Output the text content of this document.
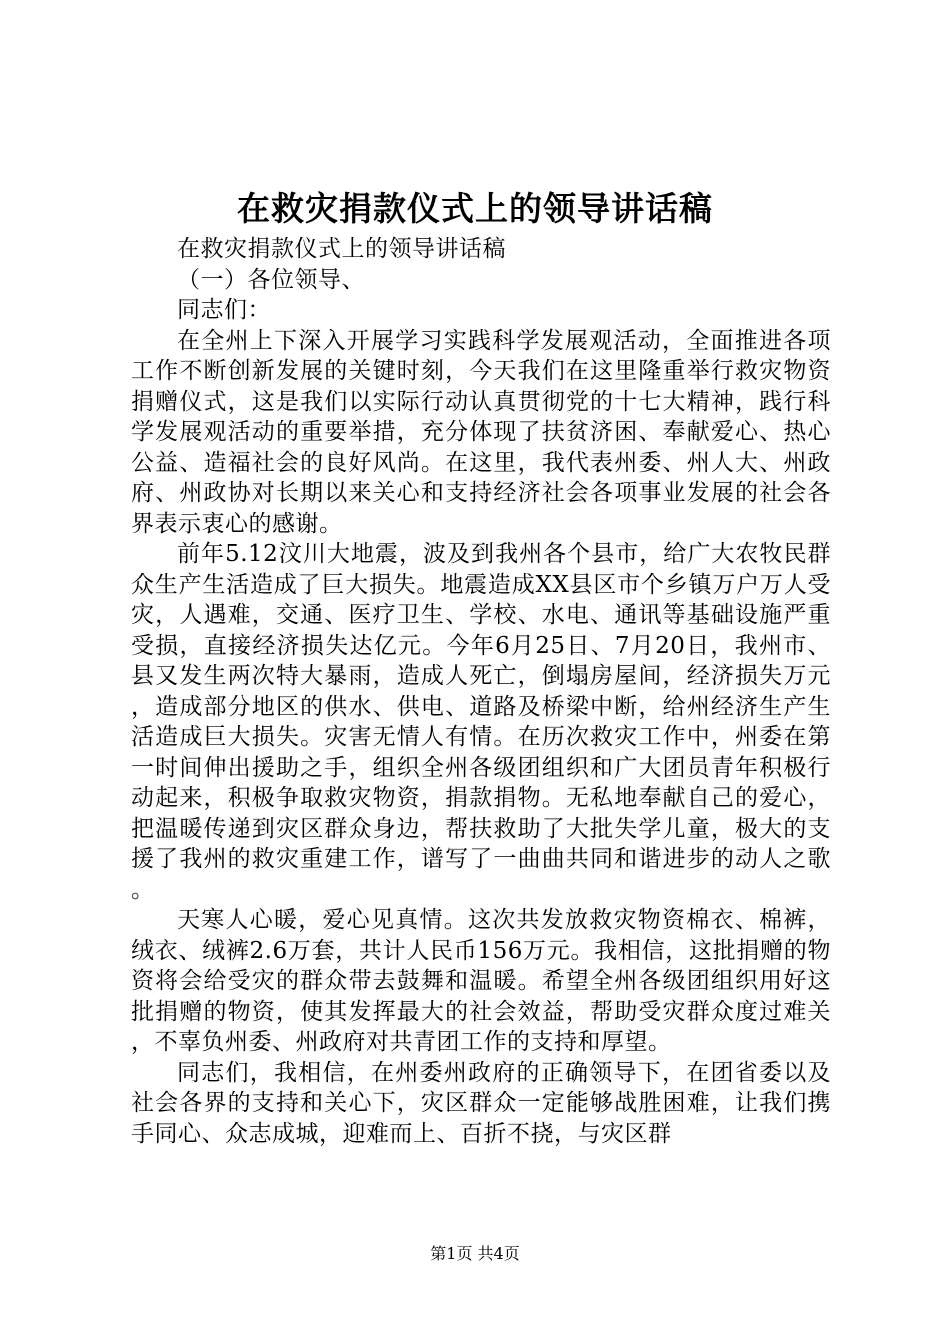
在救灾捐款仪式上的领导讲话稿

在救灾捐款仪式上的领导讲话稿

（一）各位领导、

同志们：

在全州上下深入开展学习实践科学发展观活动，全面推进各项工作不断创新发展的关键时刻，今天我们在这里隆重举行救灾物资捐赠仪式，这是我们以实际行动认真贯彻党的十七大精神，践行科学发展观活动的重要举措，充分体现了扶贫济困、奉献爱心、热心公益、造福社会的良好风尚。在这里，我代表州委、州人大、州政府、州政协对长期以来关心和支持经济社会各项事业发展的社会各界表示衷心的感谢。

前年5.12汶川大地震，波及到我州各个县市，给广大农牧民群众生产生活造成了巨大损失。地震造成XX县区市个乡镇万户万人受灾，人遇难，交通、医疗卫生、学校、水电、通讯等基础设施严重受损，直接经济损失达亿元。今年6月25日、7月20日，我州市、县又发生两次特大暴雨，造成人死亡，倒塌房屋间，经济损失万元，造成部分地区的供水、供电、道路及桥梁中断，给州经济生产生活造成巨大损失。灾害无情人有情。在历次救灾工作中，州委在第一时间伸出援助之手，组织全州各级团组织和广大团员青年积极行动起来，积极争取救灾物资，捐款捐物。无私地奉献自己的爱心，把温暖传递到灾区群众身边，帮扶救助了大批失学儿童，极大的支援了我州的救灾重建工作，谱写了一曲曲共同和谐进步的动人之歌。

天寒人心暖，爱心见真情。这次共发放救灾物资棉衣、棉裤，绒衣、绒裤2.6万套，共计人民币156万元。我相信，这批捐赠的物资将会给受灾的群众带去鼓舞和温暖。希望全州各级团组织用好这批捐赠的物资，使其发挥最大的社会效益，帮助受灾群众度过难关，不辜负州委、州政府对共青团工作的支持和厚望。

同志们，我相信，在州委州政府的正确领导下，在团省委以及社会各界的支持和关心下，灾区群众一定能够战胜困难，让我们携手同心、众志成城，迎难而上、百折不挠，与灾区群

第1页 共4页
